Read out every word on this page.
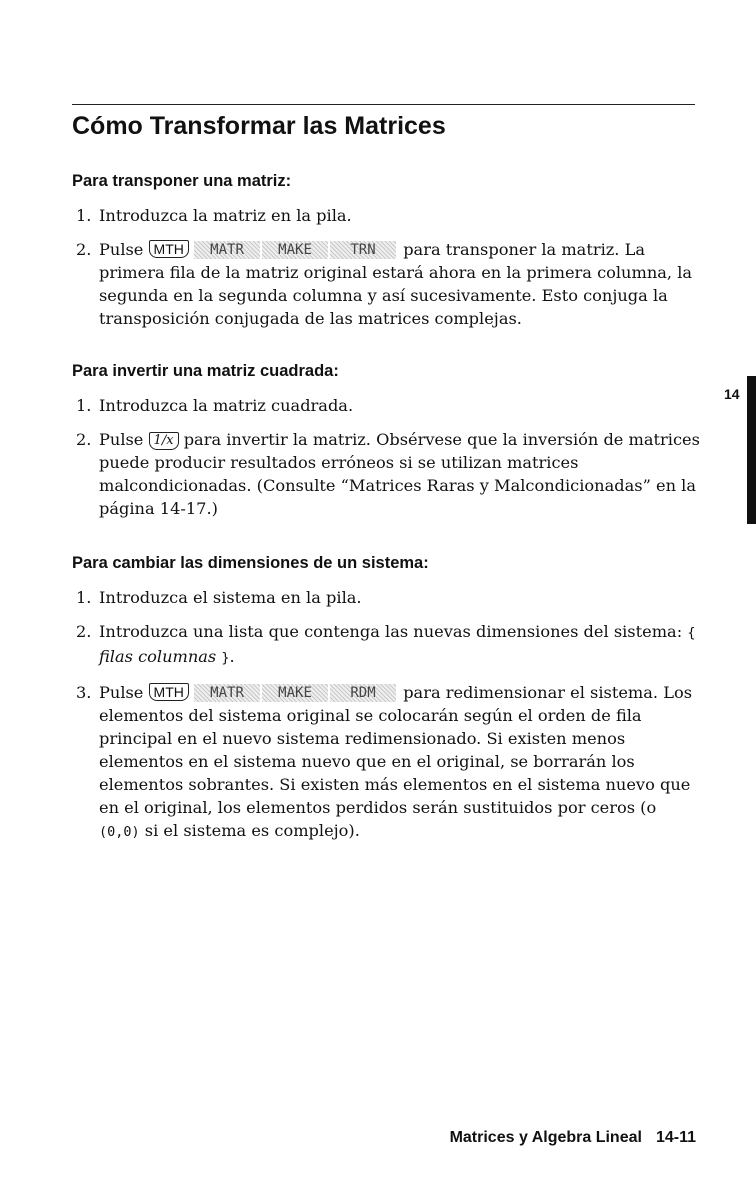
Cómo Transformar las Matrices
Para transponer una matriz:
1. Introduzca la matriz en la pila.
2. Pulse MTH MATR MAKE	TRN para transponer la matriz. La primera fila de la matriz original estará ahora en la primera columna, la segunda en la segunda columna y así sucesivamente. Esto conjuga la transposición conjugada de las matrices complejas.
Para invertir una matriz cuadrada:
1. Introduzca la matriz cuadrada.
2. Pulse 1/x para invertir la matriz. Obsérvese que la inversión de matrices puede producir resultados erróneos si se utilizan matrices malcondicionadas. (Consulte “Matrices Raras y Malcondicionadas” en la página 14-17.)
Para cambiar las dimensiones de un sistema:
1. Introduzca el sistema en la pila.
2. Introduzca una lista que contenga las nuevas dimensiones del sistema: { filas columnas }.
3. Pulse MTH MATR MAKE	RDM para redimensionar el sistema. Los elementos del sistema original se colocarán según el orden de fila principal en el nuevo sistema redimensionado. Si existen menos elementos en el sistema nuevo que en el original, se borrarán los elementos sobrantes. Si existen más elementos en el sistema nuevo que en el original, los elementos perdidos serán sustituidos por ceros (o (0,0) si el sistema es complejo).
14
Matrices y Algebra Lineal 14-11
